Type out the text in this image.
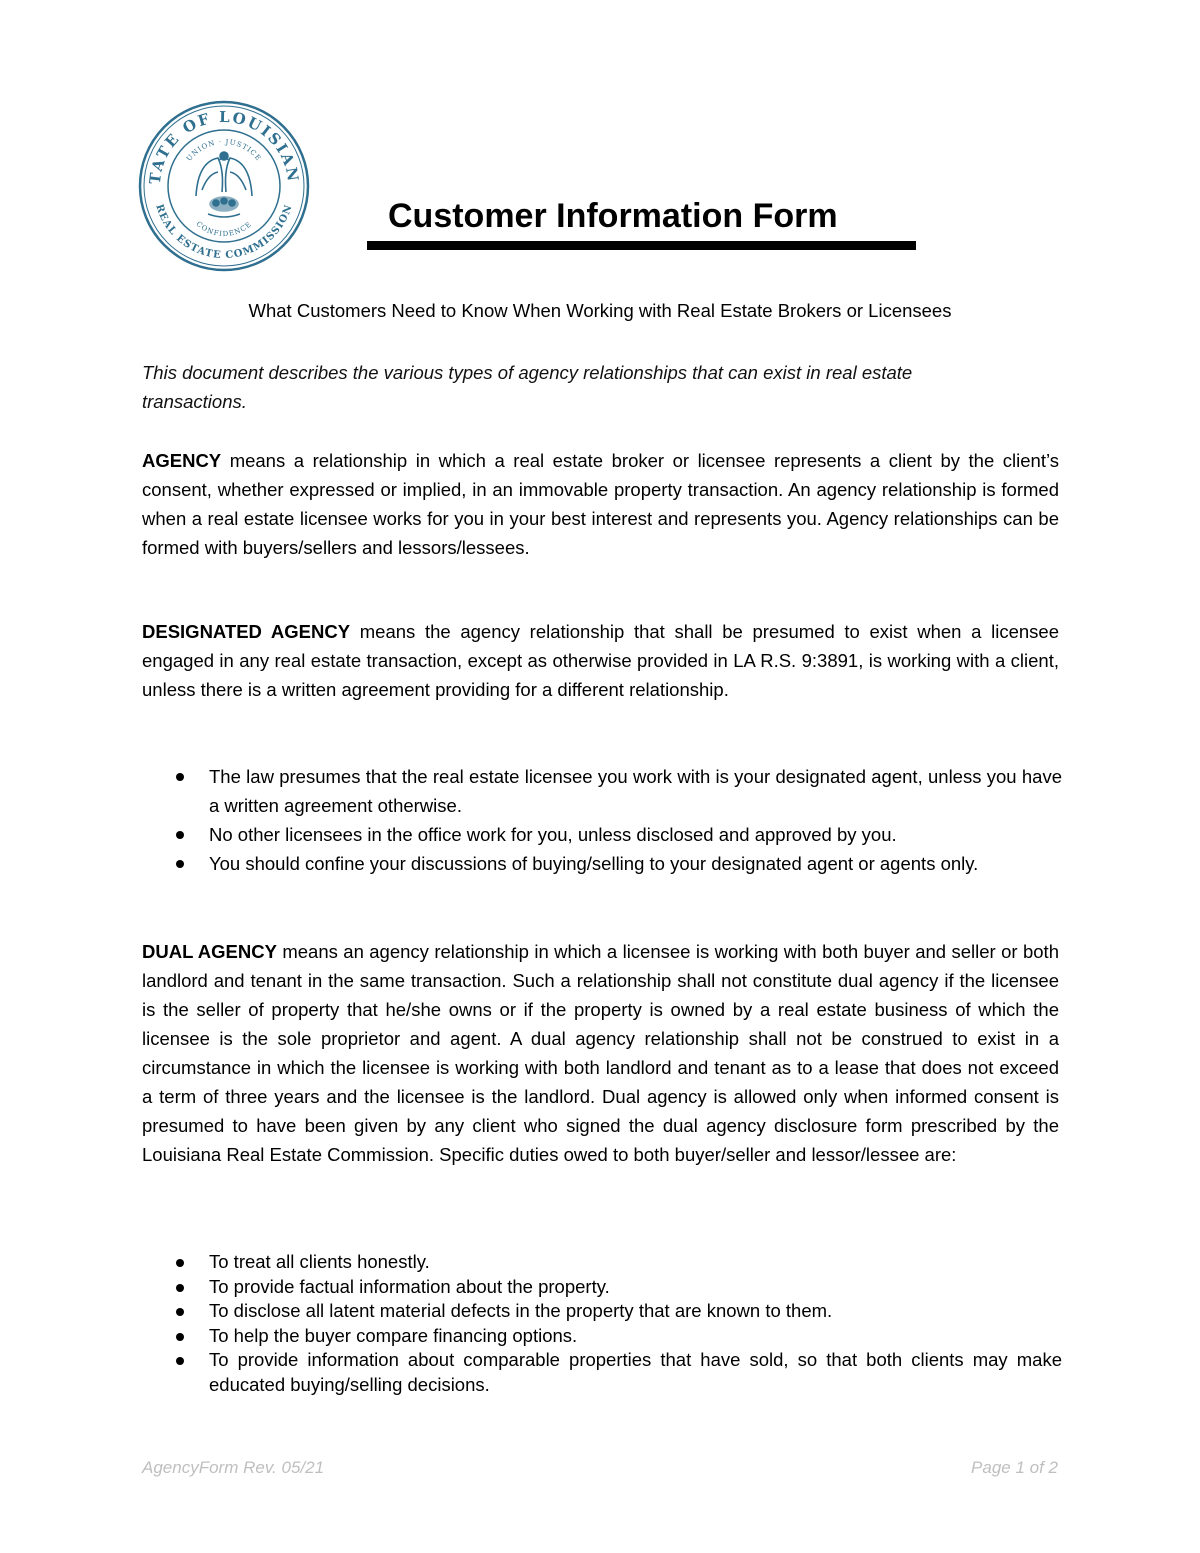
TATE OF LOUISIAN
REAL ESTATE COMMISSION
UNION · JUSTICE
CONFIDENCE	Customer Information Form
What Customers Need to Know When Working with Real Estate Brokers or Licensees
This document describes the various types of agency relationships that can exist in real estate transactions.
AGENCY means a relationship in which a real estate broker or licensee represents a client by the client’s consent, whether expressed or implied, in an immovable property transaction. An agency relationship is formed when a real estate licensee works for you in your best interest and represents you. Agency relationships can be formed with buyers/sellers and lessors/lessees.
DESIGNATED AGENCY means the agency relationship that shall be presumed to exist when a licensee engaged in any real estate transaction, except as otherwise provided in LA R.S. 9:3891, is working with a client, unless there is a written agreement providing for a different relationship.
The law presumes that the real estate licensee you work with is your designated agent, unless you have a written agreement otherwise.
No other licensees in the office work for you, unless disclosed and approved by you.
You should confine your discussions of buying/selling to your designated agent or agents only.
DUAL AGENCY means an agency relationship in which a licensee is working with both buyer and seller or both landlord and tenant in the same transaction. Such a relationship shall not constitute dual agency if the licensee is the seller of property that he/she owns or if the property is owned by a real estate business of which the licensee is the sole proprietor and agent. A dual agency relationship shall not be construed to exist in a circumstance in which the licensee is working with both landlord and tenant as to a lease that does not exceed a term of three years and the licensee is the landlord. Dual agency is allowed only when informed consent is presumed to have been given by any client who signed the dual agency disclosure form prescribed by the Louisiana Real Estate Commission. Specific duties owed to both buyer/seller and lessor/lessee are:
To treat all clients honestly.
To provide factual information about the property.
To disclose all latent material defects in the property that are known to them.
To help the buyer compare financing options.
To provide information about comparable properties that have sold, so that both clients may make educated buying/selling decisions.
AgencyForm Rev. 05/21	Page 1 of 2
